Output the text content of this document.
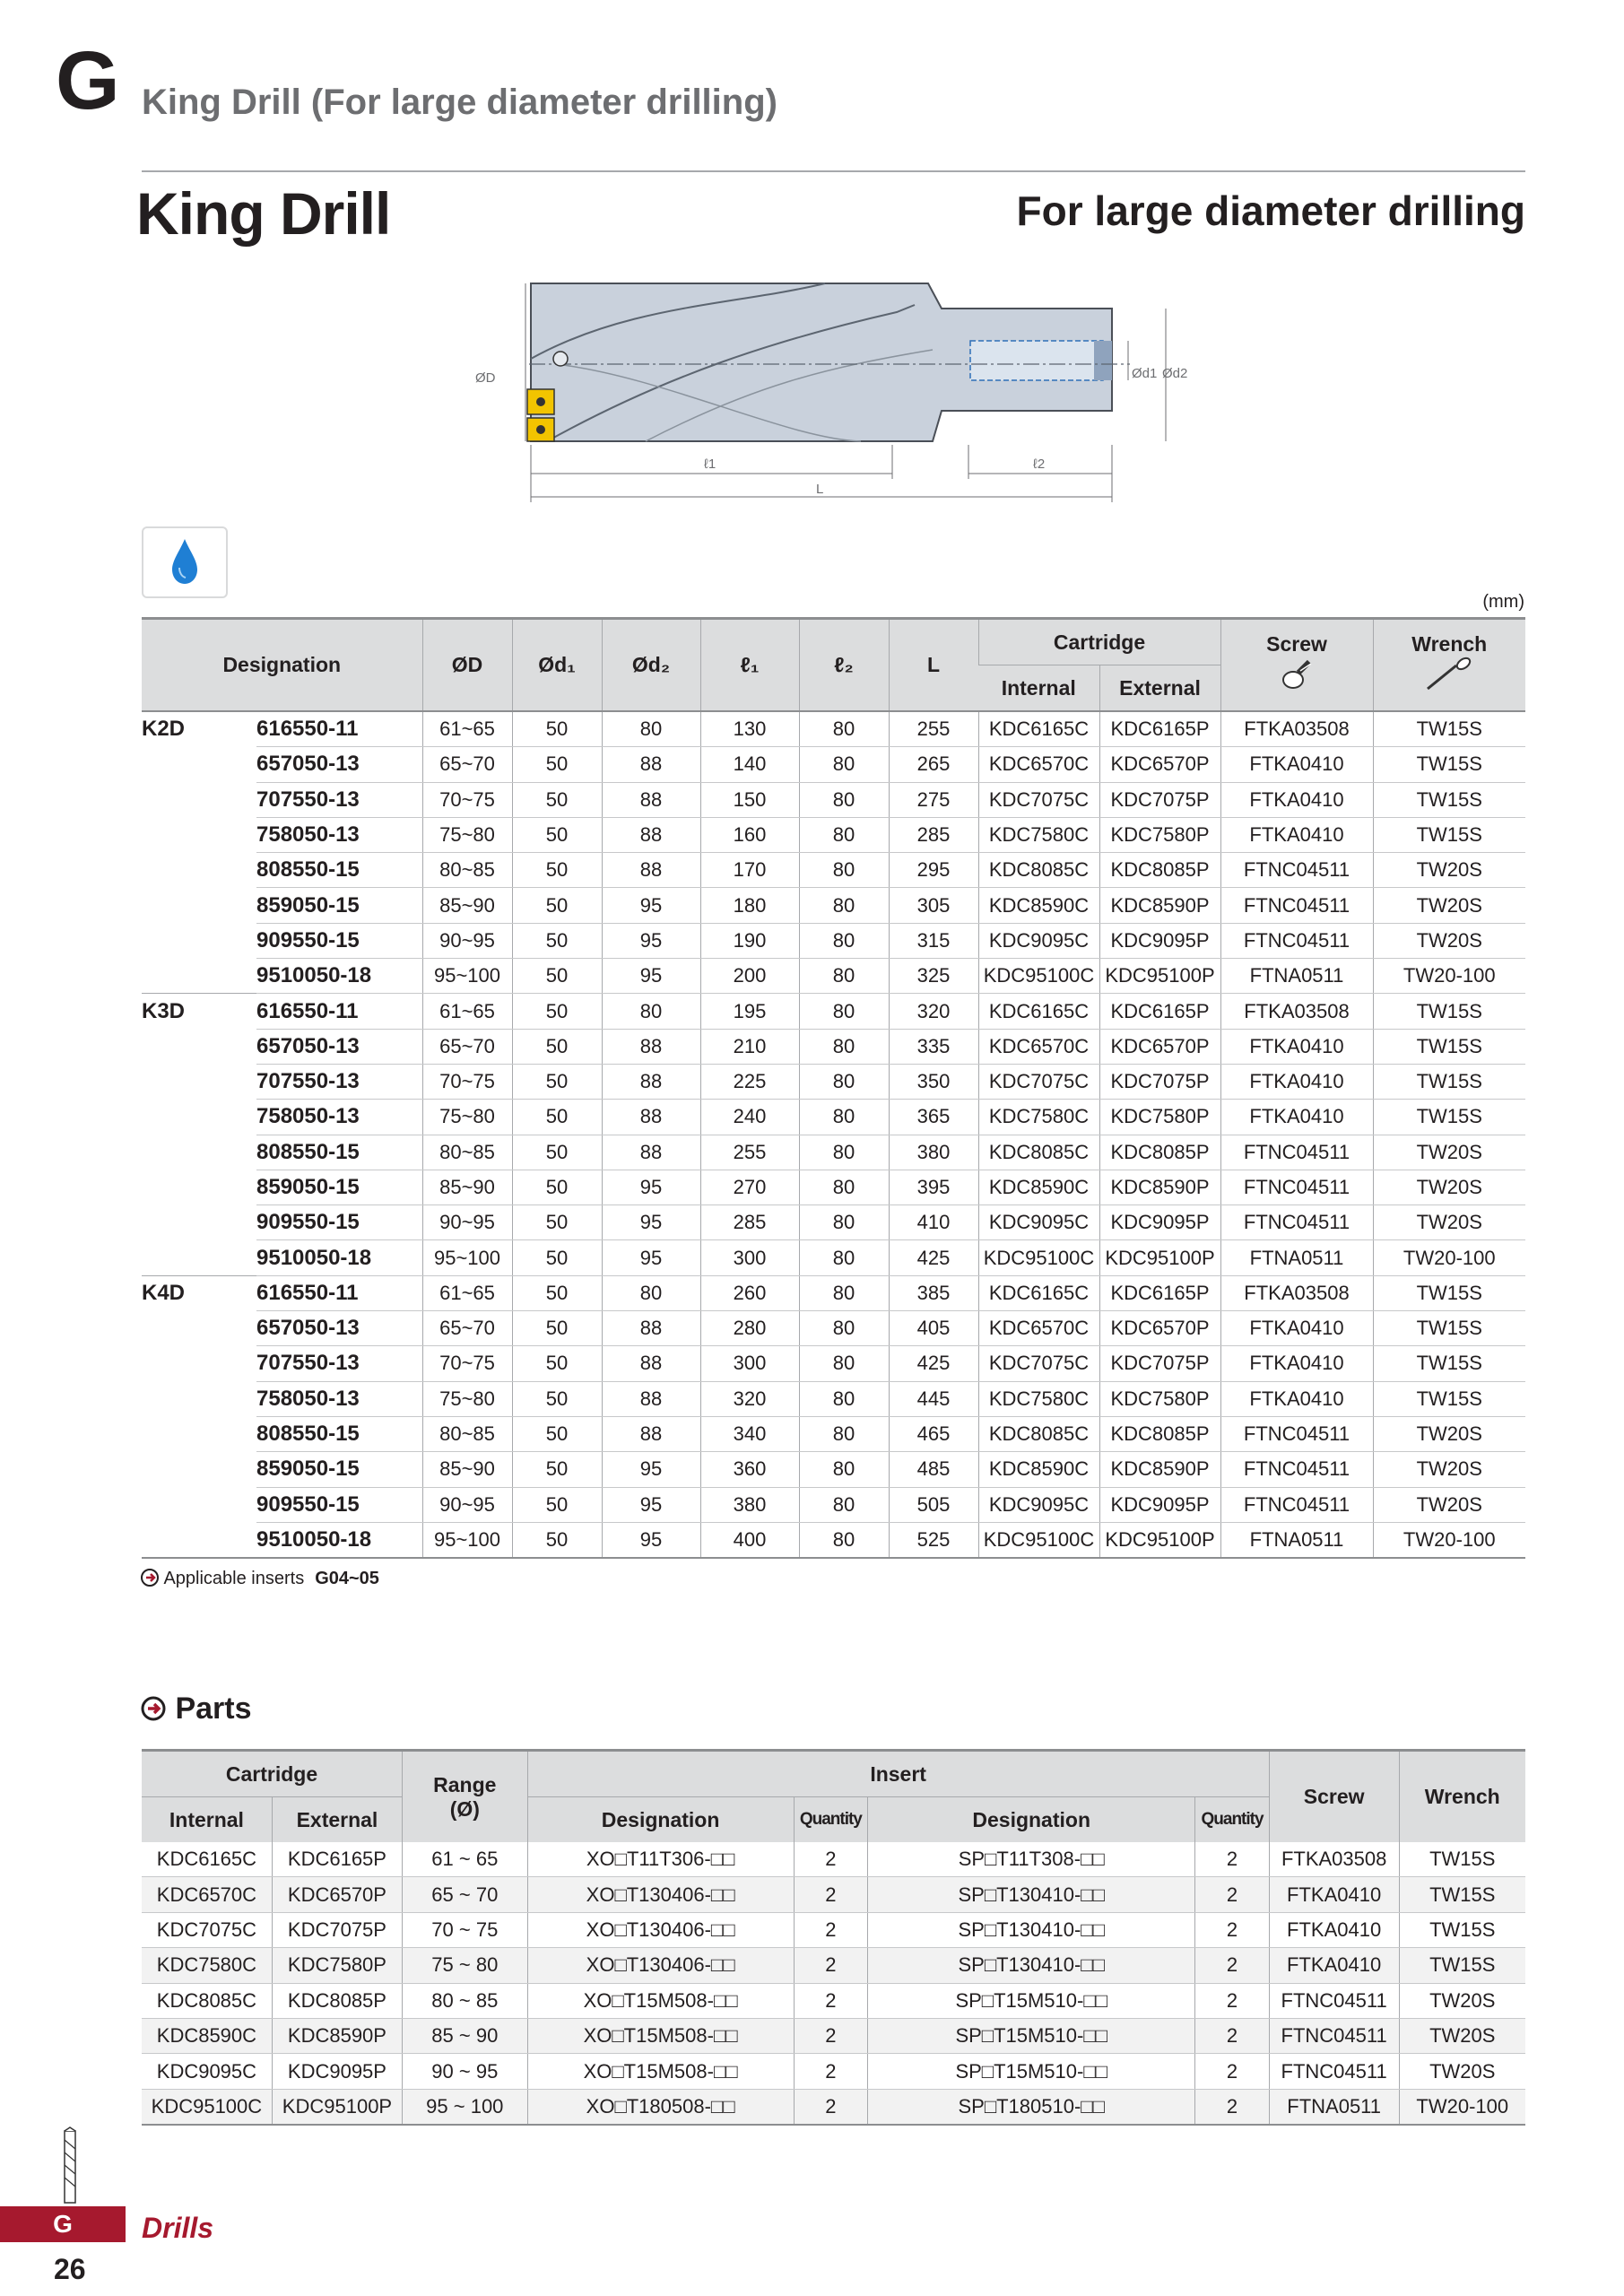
G King Drill (For large diameter drilling)
King Drill	For large diameter drilling
ØD	Ød1 Ød2
ℓ1	ℓ2
L
(mm)
Designation		ØD	Ød₁	Ød₂	ℓ₁	ℓ₂	L	Cartridge		Screw	Wrench

								Internal	External		
K2D	616550-11	61~65	50	80	130	80	255	KDC6165C	KDC6165P	FTKA03508	TW15S
	657050-13	65~70	50	88	140	80	265	KDC6570C	KDC6570P	FTKA0410	TW15S
	707550-13	70~75	50	88	150	80	275	KDC7075C	KDC7075P	FTKA0410	TW15S
	758050-13	75~80	50	88	160	80	285	KDC7580C	KDC7580P	FTKA0410	TW15S
	808550-15	80~85	50	88	170	80	295	KDC8085C	KDC8085P	FTNC04511	TW20S
	859050-15	85~90	50	95	180	80	305	KDC8590C	KDC8590P	FTNC04511	TW20S
	909550-15	90~95	50	95	190	80	315	KDC9095C	KDC9095P	FTNC04511	TW20S
	9510050-18	95~100	50	95	200	80	325	KDC95100C	KDC95100P	FTNA0511	TW20-100
K3D	616550-11	61~65	50	80	195	80	320	KDC6165C	KDC6165P	FTKA03508	TW15S
	657050-13	65~70	50	88	210	80	335	KDC6570C	KDC6570P	FTKA0410	TW15S
	707550-13	70~75	50	88	225	80	350	KDC7075C	KDC7075P	FTKA0410	TW15S
	758050-13	75~80	50	88	240	80	365	KDC7580C	KDC7580P	FTKA0410	TW15S
	808550-15	80~85	50	88	255	80	380	KDC8085C	KDC8085P	FTNC04511	TW20S
	859050-15	85~90	50	95	270	80	395	KDC8590C	KDC8590P	FTNC04511	TW20S
	909550-15	90~95	50	95	285	80	410	KDC9095C	KDC9095P	FTNC04511	TW20S
	9510050-18	95~100	50	95	300	80	425	KDC95100C	KDC95100P	FTNA0511	TW20-100
K4D	616550-11	61~65	50	80	260	80	385	KDC6165C	KDC6165P	FTKA03508	TW15S
	657050-13	65~70	50	88	280	80	405	KDC6570C	KDC6570P	FTKA0410	TW15S
	707550-13	70~75	50	88	300	80	425	KDC7075C	KDC7075P	FTKA0410	TW15S
	758050-13	75~80	50	88	320	80	445	KDC7580C	KDC7580P	FTKA0410	TW15S
	808550-15	80~85	50	88	340	80	465	KDC8085C	KDC8085P	FTNC04511	TW20S
	859050-15	85~90	50	95	360	80	485	KDC8590C	KDC8590P	FTNC04511	TW20S
	909550-15	90~95	50	95	380	80	505	KDC9095C	KDC9095P	FTNC04511	TW20S
	9510050-18	95~100	50	95	400	80	525	KDC95100C	KDC95100P	FTNA0511	TW20-100
Applicable inserts G04~05
Parts
Cartridge		Range
(Ø)	Insert				Screw	Wrench
Internal	External		Designation	Quantity	Designation	Quantity		
KDC6165C	KDC6165P	61 ~ 65	XO□T11T306-□□	2	SP□T11T308-□□	2	FTKA03508	TW15S
KDC6570C	KDC6570P	65 ~ 70	XO□T130406-□□	2	SP□T130410-□□	2	FTKA0410	TW15S
KDC7075C	KDC7075P	70 ~ 75	XO□T130406-□□	2	SP□T130410-□□	2	FTKA0410	TW15S
KDC7580C	KDC7580P	75 ~ 80	XO□T130406-□□	2	SP□T130410-□□	2	FTKA0410	TW15S
KDC8085C	KDC8085P	80 ~ 85	XO□T15M508-□□	2	SP□T15M510-□□	2	FTNC04511	TW20S
KDC8590C	KDC8590P	85 ~ 90	XO□T15M508-□□	2	SP□T15M510-□□	2	FTNC04511	TW20S
KDC9095C	KDC9095P	90 ~ 95	XO□T15M508-□□	2	SP□T15M510-□□	2	FTNC04511	TW20S
KDC95100C	KDC95100P	95 ~ 100	XO□T180508-□□	2	SP□T180510-□□	2	FTNA0511	TW20-100
G	Drills
26
